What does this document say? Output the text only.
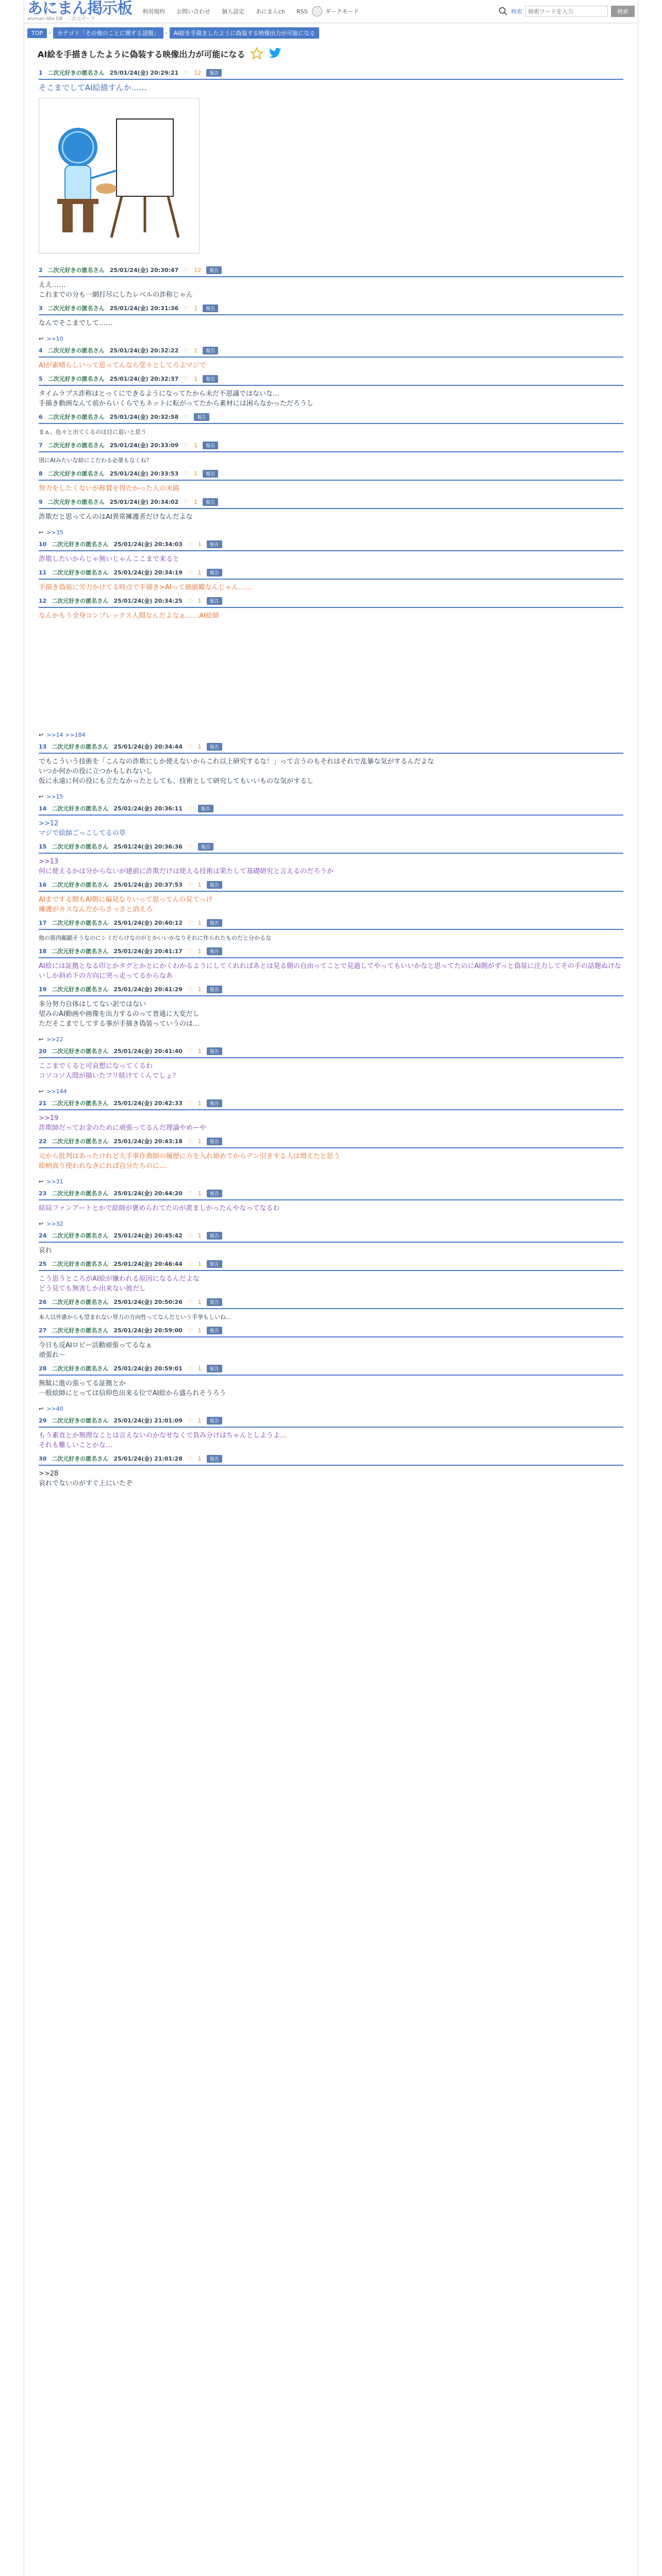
あにまん掲示板
animan bbs DB · 二次元ボード
利用規約 お問い合わせ 個人設定 あにまんch RSS	ダークモード	検索
検索ワードを入力	検索
TOP	›	カテゴリ「その他のことに関する話題」	›	AI絵を手描きしたように偽装する映像出力が可能になる
AI絵を手描きしたように偽装する映像出力が可能になる
1 二次元好きの匿名さん 25/01/24(金) 20:29:21 ♡ 12	報告
そこまでしてAI絵描すんか……
2 二次元好きの匿名さん 25/01/24(金) 20:30:47 ♡ 12	報告
ええ……
これまでの分も一網打尽にしたレベルの詐称じゃん
3 二次元好きの匿名さん 25/01/24(金) 20:31:36 ♡ 1	報告
なんでそこまでして……
↩ >>10
4 二次元好きの匿名さん 25/01/24(金) 20:32:22 ♡ 1	報告
AIが素晴らしいって思ってんなら堂々としてろよマジで
5 二次元好きの匿名さん 25/01/24(金) 20:32:37 ♡ 1	報告
タイムラプス詐称はとっくにできるようになってたから未だ不思議ではないな…
手描き動画なんて前からいくらでもネットに転がってたから素材には困らなかっただろうし
6 二次元好きの匿名さん 25/01/24(金) 20:32:58 ♡	報告
まぁ、色々と出てくるのは目に追いと思う
7 二次元好きの匿名さん 25/01/24(金) 20:33:09 ♡ 1	報告
別にAIみたいな絵にこだわる必要もなくね？
8 二次元好きの匿名さん 25/01/24(金) 20:33:53 ♡ 1	報告
努力をしたくないが称賛を得たかった人の末路
9 二次元好きの匿名さん 25/01/24(金) 20:34:02 ♡ 1	報告
詐欺だと思ってんのはAI異常擁護者だけなんだよな
↩ >>35
10 二次元好きの匿名さん 25/01/24(金) 20:34:03 ♡ 1	報告
詐欺したいからじゃ無いじゃんここまで来ると
11 二次元好きの匿名さん 25/01/24(金) 20:34:19 ♡ 1	報告
手描き偽装に労力かけてる時点で手描き>AIって価値観なんじゃん……
12 二次元好きの匿名さん 25/01/24(金) 20:34:25 ♡ 1	報告
なんかもう全身コンプレックス人間なんだよなぁ……AI絵師
↩ >>14 >>184
13 二次元好きの匿名さん 25/01/24(金) 20:34:44 ♡ 1	報告
でもこういう技術を「こんなの詐欺にしか使えないからこれ以上研究するな！」って言うのもそれはそれで乱暴な気がするんだよな
いつか何かの役に立つかもしれないし
仮に永遠に何の役にも立たなかったとしても、技術として研究してもいいものな気がするし
↩ >>15
14 二次元好きの匿名さん 25/01/24(金) 20:36:11 ♡	報告
>>12
マジで絵師ごっこしてるの草
15 二次元好きの匿名さん 25/01/24(金) 20:36:36 ♡	報告
>>13
何に使えるかは分からないが建前に詐欺だけは使える技術は果たして基礎研究と言えるのだろうか
16 二次元好きの匿名さん 25/01/24(金) 20:37:53 ♡ 1	報告
AIまでする側もAI側に偏見なりいって思ってんの見てっけ
擁護がカスなんだからさっさと消えろ
17 二次元好きの匿名さん 25/01/24(金) 20:40:12 ♡ 1	報告
他の筋肉齟齬そうなのにシミだらけなのがとかいいかなりそれに作られたものだと分かるな
18 二次元好きの匿名さん 25/01/24(金) 20:41:17 ♡ 1	報告
AI絵には証拠となる印とかタグとかとにかくわかるようにしてくれればあとは見る側の自由ってことで見過してやってもいいかなと思ってたのにAI側がずっと偽装に注力してその手の話題ぬけないしか斜め下の方向に突っ走ってるからなあ
19 二次元好きの匿名さん 25/01/24(金) 20:41:29 ♡ 1	報告
多分努力自体はしてない訳ではない
望みのAI動画や画像を出力するのって普通に大変だし
ただそこまでしてする事が手描き偽装っていうのは…
↩ >>22
20 二次元好きの匿名さん 25/01/24(金) 20:41:40 ♡ 1	報告
ここまでくると可哀想になってくるわ
コソコソ人間が描いたフリ続けてくんでしょ？
↩ >>144
21 二次元好きの匿名さん 25/01/24(金) 20:42:33 ♡ 1	報告
>>19
詐欺師だってお金のために頑張ってるんだ理論やめーや
22 二次元好きの匿名さん 25/01/24(金) 20:43:18 ♡ 1	報告
元から批判はあったけれど大手事作漁師の履歴に方を入れ始めてからデン引きする人は増えたと思う
絵柄真り使われなきにれば自分たちのに…
↩ >>31
23 二次元好きの匿名さん 25/01/24(金) 20:44:20 ♡ 1	報告
結局ファンアートとかで絵師が褒められてたのが羨ましかったんやなってなるわ
↩ >>32
24 二次元好きの匿名さん 25/01/24(金) 20:45:42 ♡ 1	報告
哀れ
25 二次元好きの匿名さん 25/01/24(金) 20:46:44 ♡ 1	報告
こう思うところがAI絵が嫌われる原因になるんだよな
どう見ても無害しか出来ない彼だし
26 二次元好きの匿名さん 25/01/24(金) 20:50:26 ♡ 1	報告
本人以外誰からも望まれない努力の方向性ってなんだという手挙もしいね…
27 二次元好きの匿名さん 25/01/24(金) 20:59:00 ♡ 1	報告
今日も反AIロビー活動頑張ってるなぁ
頑張れ〜
28 二次元好きの匿名さん 25/01/24(金) 20:59:01 ♡ 1	報告
無駄に進の張ってる証拠とか
一般絵師にとっては信仰色出来る位でAI絵から盛られそうろう
↩ >>40
29 二次元好きの匿名さん 25/01/24(金) 21:01:09 ♡ 1	報告
もう素直とか無理なことは言えないのかなせなくて負み分けはちゃんとしようよ…
それも難しいことかな…
30 二次元好きの匿名さん 25/01/24(金) 21:01:28 ♡ 1	報告
>>28
哀れでないのがすぐ上にいたぞ
